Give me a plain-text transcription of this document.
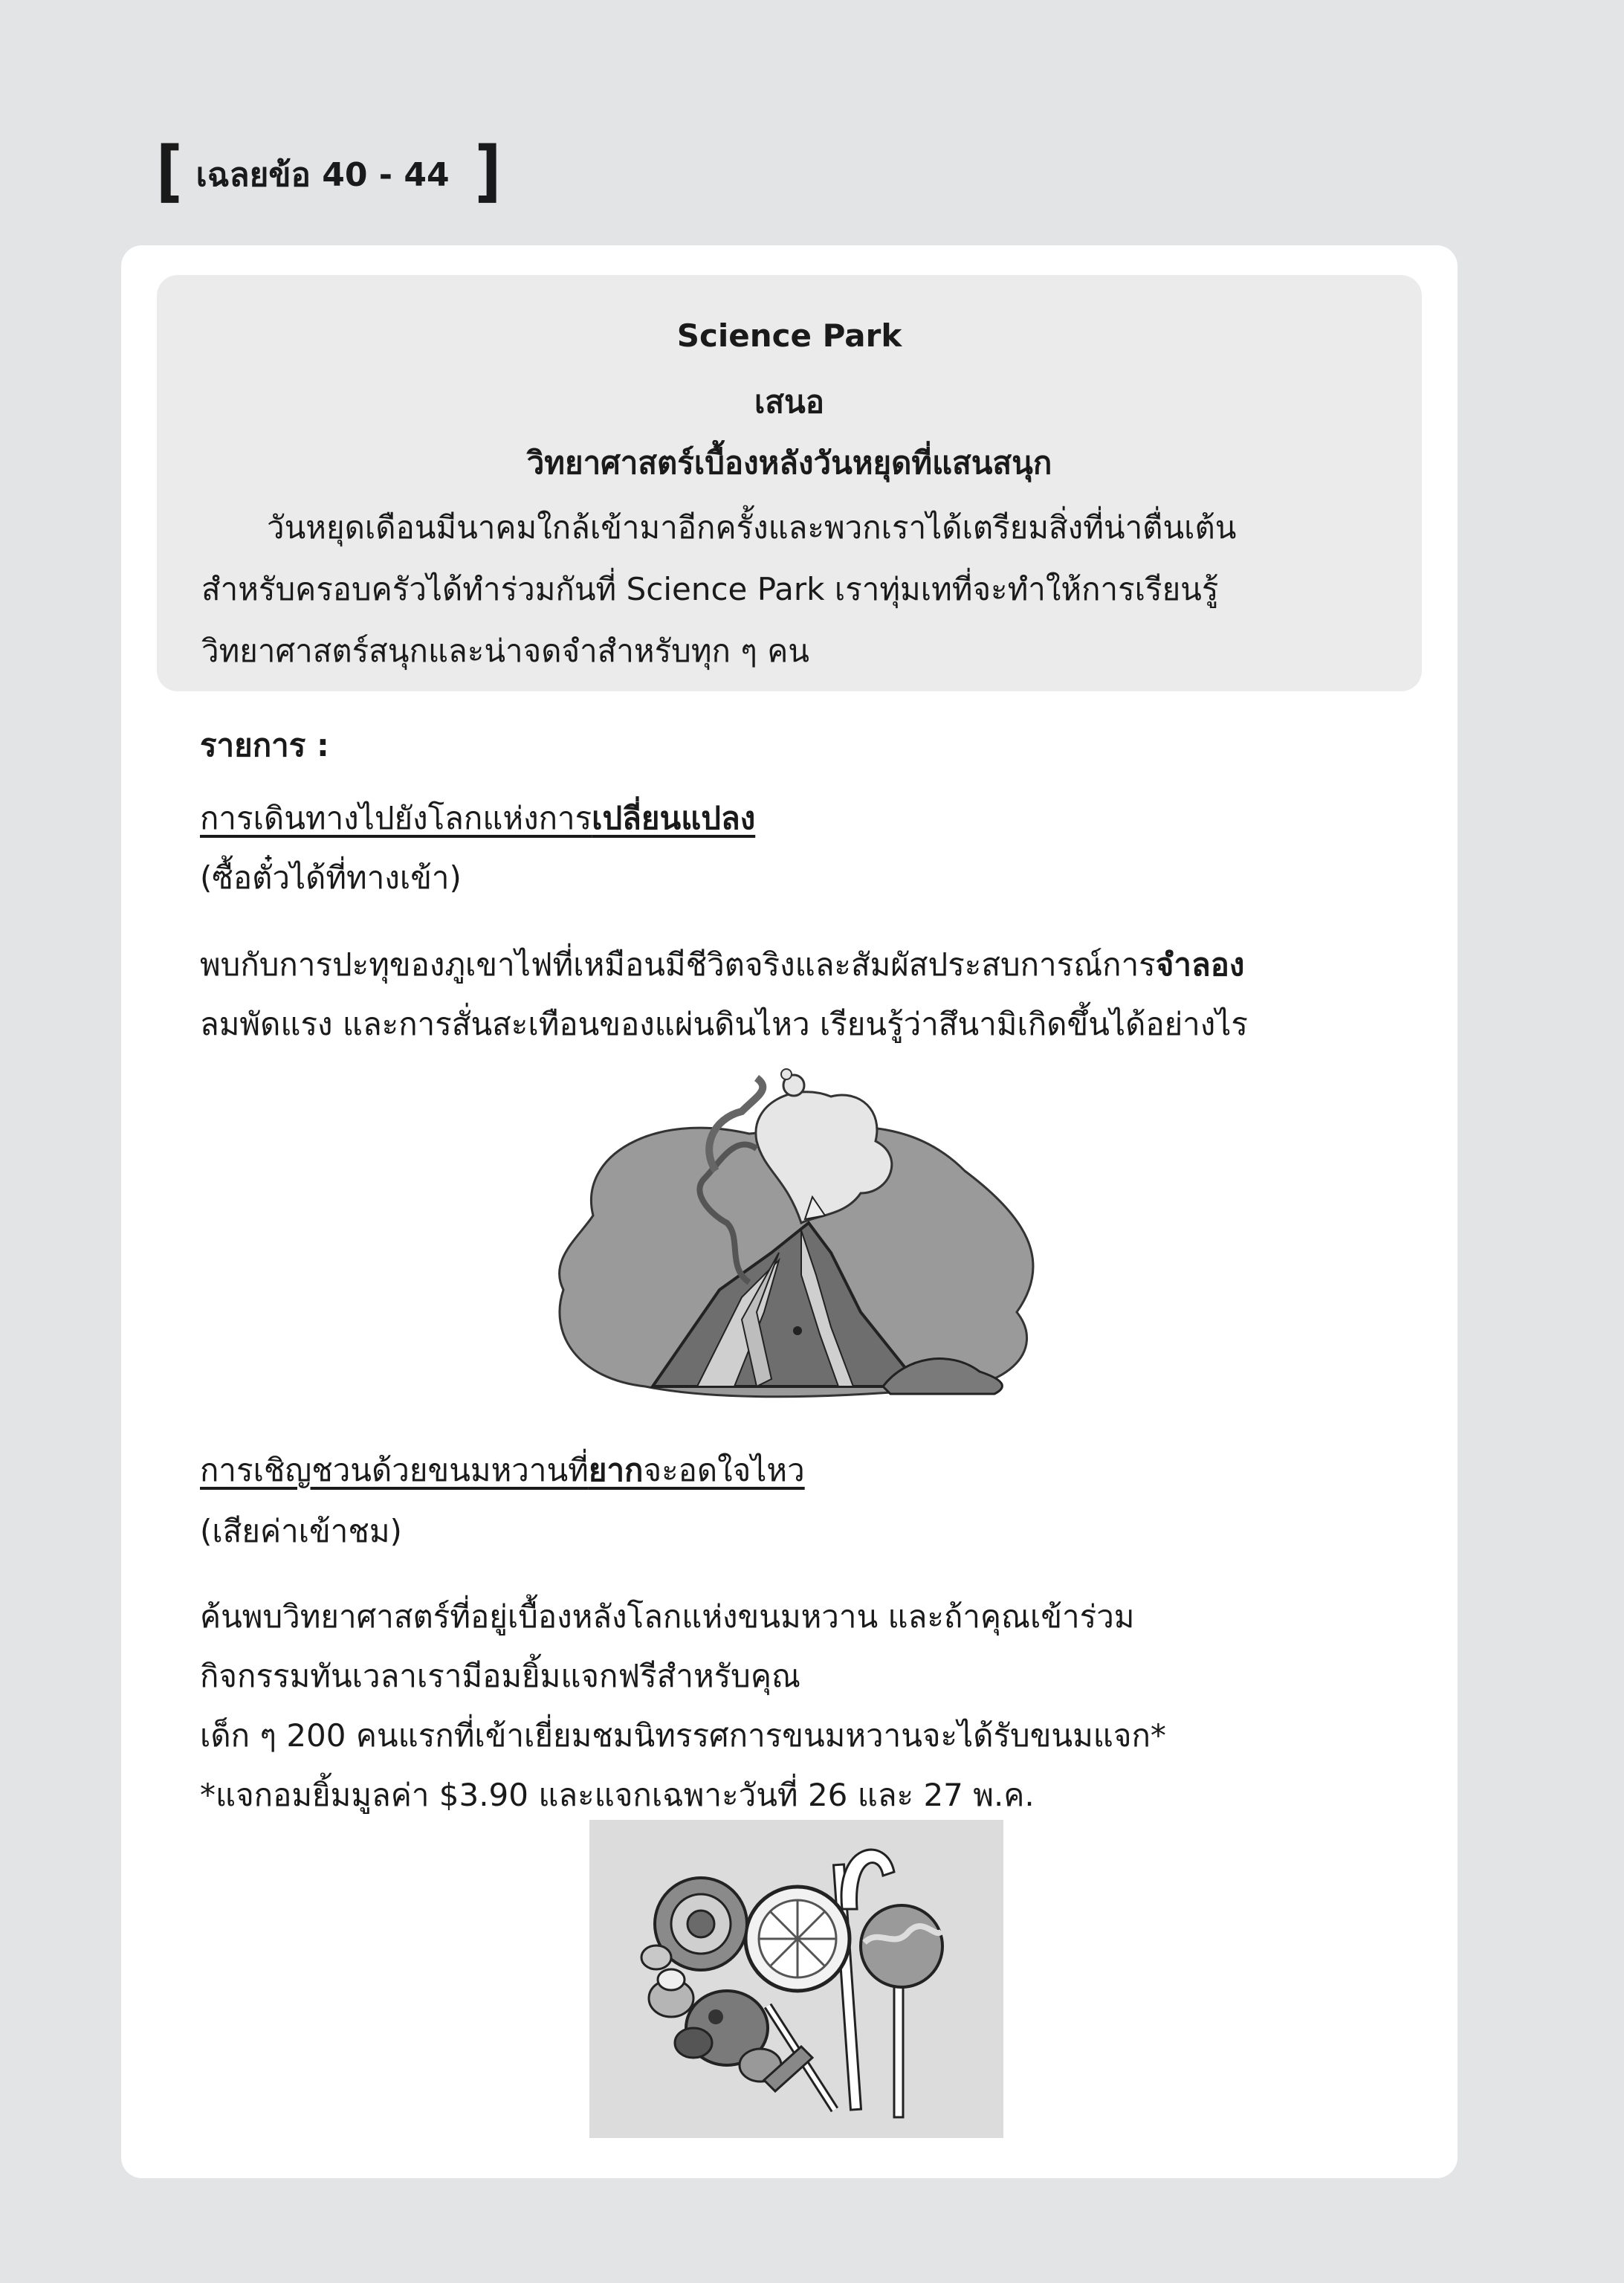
[ เฉลยข้อ 40 - 44 ]
Science Park
เสนอ
วิทยาศาสตร์เบื้องหลังวันหยุดที่แสนสนุก
วันหยุดเดือนมีนาคมใกล้เข้ามาอีกครั้งและพวกเราได้เตรียมสิ่งที่น่าตื่นเต้น
สำหรับครอบครัวได้ทำร่วมกันที่ Science Park เราทุ่มเทที่จะทำให้การเรียนรู้
วิทยาศาสตร์สนุกและน่าจดจำสำหรับทุก ๆ คน
รายการ :
การเดินทางไปยังโลกแห่งการเปลี่ยนแปลง
(ซื้อตั๋วได้ที่ทางเข้า)
พบกับการปะทุของภูเขาไฟที่เหมือนมีชีวิตจริงและสัมผัสประสบการณ์การจำลอง
ลมพัดแรง และการสั่นสะเทือนของแผ่นดินไหว เรียนรู้ว่าสึนามิเกิดขึ้นได้อย่างไร
การเชิญชวนด้วยขนมหวานที่ยากจะอดใจไหว
(เสียค่าเข้าชม)
ค้นพบวิทยาศาสตร์ที่อยู่เบื้องหลังโลกแห่งขนมหวาน และถ้าคุณเข้าร่วม
กิจกรรมทันเวลาเรามีอมยิ้มแจกฟรีสำหรับคุณ
เด็ก ๆ 200 คนแรกที่เข้าเยี่ยมชมนิทรรศการขนมหวานจะได้รับขนมแจก*
*แจกอมยิ้มมูลค่า $3.90 และแจกเฉพาะวันที่ 26 และ 27 พ.ค.
